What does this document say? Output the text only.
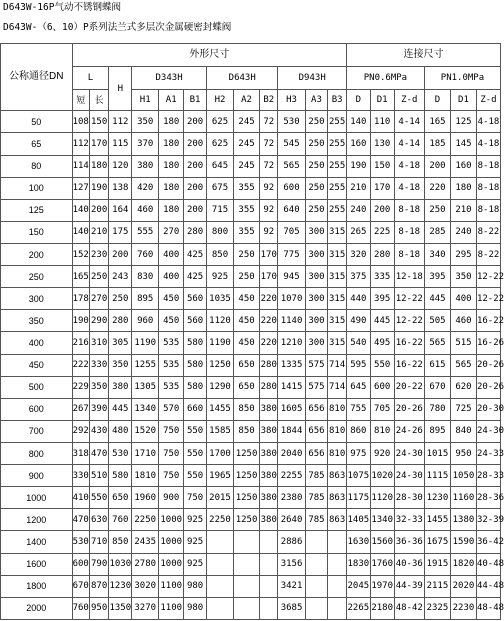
D643W-16P气动不锈钢蝶阀
D643W-（6、10）P系列法兰式多层次金属硬密封蝶阀
公称通径DN	外形尺寸												连接尺寸					
	L		H	D343H			D643H			D943H			PN0.6MPa			PN1.0MPa		
	短	长		H1	A1	B1	H2	A2	B2	H3	A3	B3	D	D1	Z-d	D	D1	Z-d
50	108	150	112	350	180	200	625	245	72	530	250	255	140	110	4-14	165	125	4-18
65	112	170	115	370	180	200	625	245	72	545	250	255	160	130	4-14	185	145	4-18
80	114	180	120	380	180	200	645	245	72	565	250	255	190	150	4-18	200	160	8-18
100	127	190	138	420	180	200	675	355	92	600	250	255	210	170	4-18	220	180	8-18
125	140	200	164	460	180	200	715	355	92	640	250	255	240	200	8-18	250	210	8-18
150	140	210	175	555	270	280	800	355	92	705	300	315	265	225	8-18	285	240	8-22
200	152	230	200	760	400	425	850	250	170	775	300	315	320	280	8-18	340	295	8-22
250	165	250	243	830	400	425	925	250	170	945	300	315	375	335	12-18	395	350	12-22
300	178	270	250	895	450	560	1035	450	220	1070	300	315	440	395	12-22	445	400	12-22
350	190	290	280	960	450	560	1120	450	220	1140	300	315	490	445	12-22	505	460	16-22
400	216	310	305	1190	535	580	1190	450	220	1210	300	315	540	495	16-22	565	515	16-26
450	222	330	350	1255	535	580	1250	650	280	1335	575	714	595	550	16-22	615	565	20-26
500	229	350	380	1305	535	580	1290	650	280	1415	575	714	645	600	20-22	670	620	20-26
600	267	390	445	1340	570	660	1455	850	380	1605	656	810	755	705	20-26	780	725	20-30
700	292	430	480	1520	750	550	1585	850	380	1844	656	810	860	810	24-26	895	840	24-30
800	318	470	530	1710	750	550	1700	1250	380	2040	656	810	975	920	24-30	1015	950	24-33
900	330	510	580	1810	750	550	1965	1250	380	2255	785	863	1075	1020	24-30	1115	1050	28-33
1000	410	550	650	1960	900	750	2015	1250	380	2380	785	863	1175	1120	28-30	1230	1160	28-36
1200	470	630	760	2250	1000	925	2250	1250	380	2640	785	863	1405	1340	32-33	1455	1380	32-39
1400	530	710	850	2435	1000	925				2886			1630	1560	36-36	1675	1590	36-42
1600	600	790	1030	2780	1000	925				3156			1830	1760	40-36	1915	1820	40-48
1800	670	870	1230	3020	1100	980				3421			2045	1970	44-39	2115	2020	44-48
2000	760	950	1350	3270	1100	980				3685			2265	2180	48-42	2325	2230	48-48
